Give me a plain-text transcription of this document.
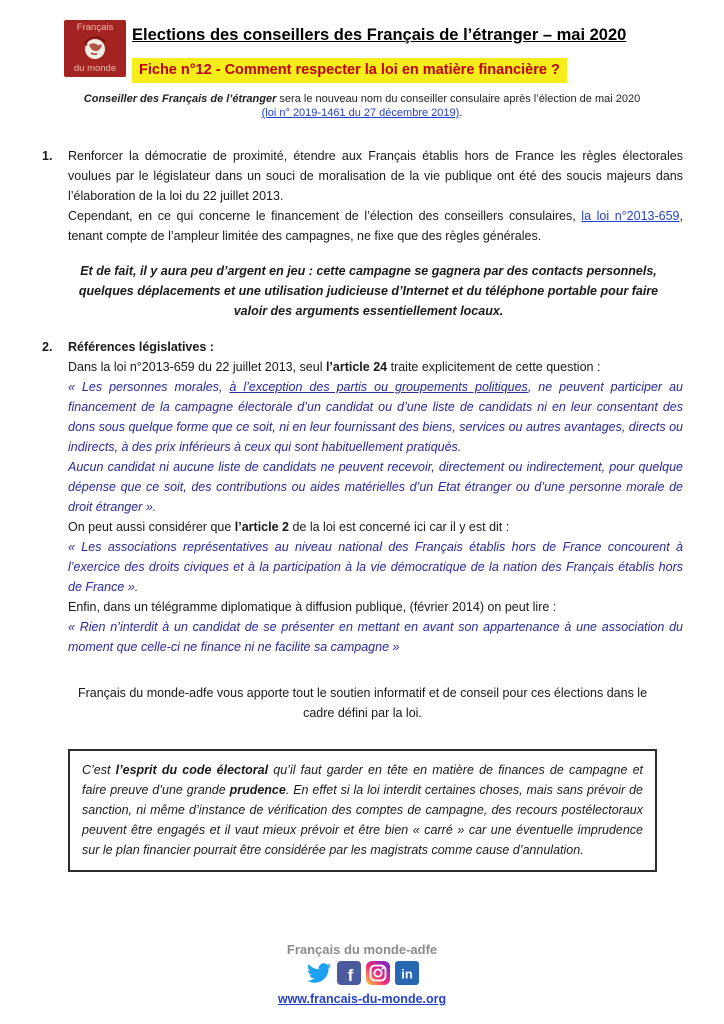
Français
du monde
Elections des conseillers des Français de l’étranger – mai 2020
Fiche n°12 - Comment respecter la loi en matière financière ?
Conseiller des Français de l’étranger sera le nouveau nom du conseiller consulaire après l’élection de mai 2020
(loi n° 2019-1461 du 27 décembre 2019).
1.	Renforcer la démocratie de proximité, étendre aux Français établis hors de France les règles électorales voulues par le législateur dans un souci de moralisation de la vie publique ont été des soucis majeurs dans l’élaboration de la loi du 22 juillet 2013.

Cependant, en ce qui concerne le financement de l’élection des conseillers consulaires, la loi n°2013-659, tenant compte de l’ampleur limitée des campagnes, ne fixe que des règles générales.

Et de fait, il y aura peu d’argent en jeu : cette campagne se gagnera par des contacts personnels, quelques déplacements et une utilisation judicieuse d’Internet et du téléphone portable pour faire valoir des arguments essentiellement locaux.
2.	Références législatives :

Dans la loi n°2013-659 du 22 juillet 2013, seul l’article 24 traite explicitement de cette question :

« Les personnes morales, à l’exception des partis ou groupements politiques, ne peuvent participer au financement de la campagne électorale d’un candidat ou d’une liste de candidats ni en leur consentant des dons sous quelque forme que ce soit, ni en leur fournissant des biens, services ou autres avantages, directs ou indirects, à des prix inférieurs à ceux qui sont habituellement pratiqués.

Aucun candidat ni aucune liste de candidats ne peuvent recevoir, directement ou indirectement, pour quelque dépense que ce soit, des contributions ou aides matérielles d’un Etat étranger ou d’une personne morale de droit étranger ».

On peut aussi considérer que l’article 2 de la loi est concerné ici car il y est dit :

« Les associations représentatives au niveau national des Français établis hors de France concourent à l’exercice des droits civiques et à la participation à la vie démocratique de la nation des Français établis hors de France ».

Enfin, dans un télégramme diplomatique à diffusion publique, (février 2014) on peut lire :

« Rien n’interdit à un candidat de se présenter en mettant en avant son appartenance à une association du moment que celle-ci ne finance ni ne facilite sa campagne »

Français du monde-adfe vous apporte tout le soutien informatif et de conseil pour ces élections dans le cadre défini par la loi.
C’est l’esprit du code électoral qu’il faut garder en tête en matière de finances de campagne et faire preuve d’une grande prudence. En effet si la loi interdit certaines choses, mais sans prévoir de sanction, ni même d’instance de vérification des comptes de campagne, des recours postélectoraux peuvent être engagés et il vaut mieux prévoir et être bien « carré » car une éventuelle imprudence sur le plan financier pourrait être considérée par les magistrats comme cause d’annulation.
Français du monde-adfe
f	in
www.francais-du-monde.org
